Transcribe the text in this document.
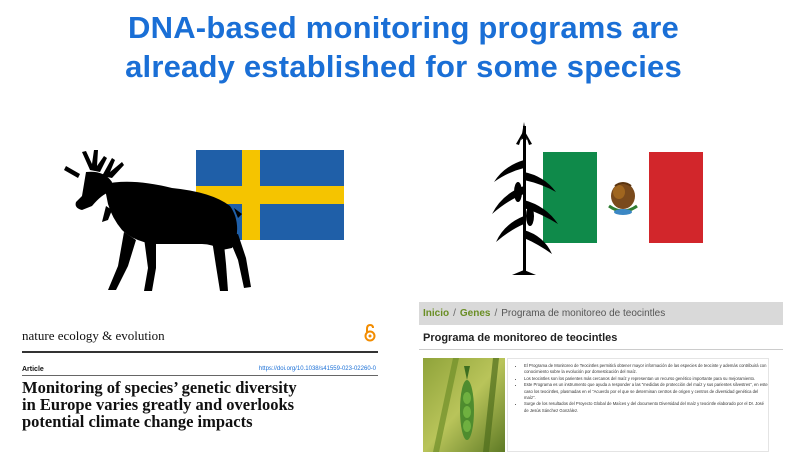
DNA-based monitoring programs are
already established for some species
nature ecology & evolution
Article	https://doi.org/10.1038/s41559-023-02260-0
Monitoring of species’ genetic diversity
in Europe varies greatly and overlooks
potential climate change impacts
Inicio / Genes / Programa de monitoreo de teocintles
Programa de monitoreo de teocintles
• El Programa de Monitoreo de Teocintles permitirá obtener mayor información de las especies de teocinte y además contribuirá con conocimiento sobre la evolución por domesticación del maíz.
• Los teocintles son los parientes más cercanos del maíz y representan un recurso genético importante para su mejoramiento.
• Este Programa es un instrumento que ayuda a responder a las “medidas de protección del maíz y sus parientes silvestres”, en este caso los teocintles, plasmadas en el “Acuerdo por el que se determinan centros de origen y centros de diversidad genética del maíz”.
• Surge de los resultados del Proyecto Global de Maíces y del documento Diversidad del maíz y teocintle elaborado por el Dr. José de Jesús Sánchez González.
